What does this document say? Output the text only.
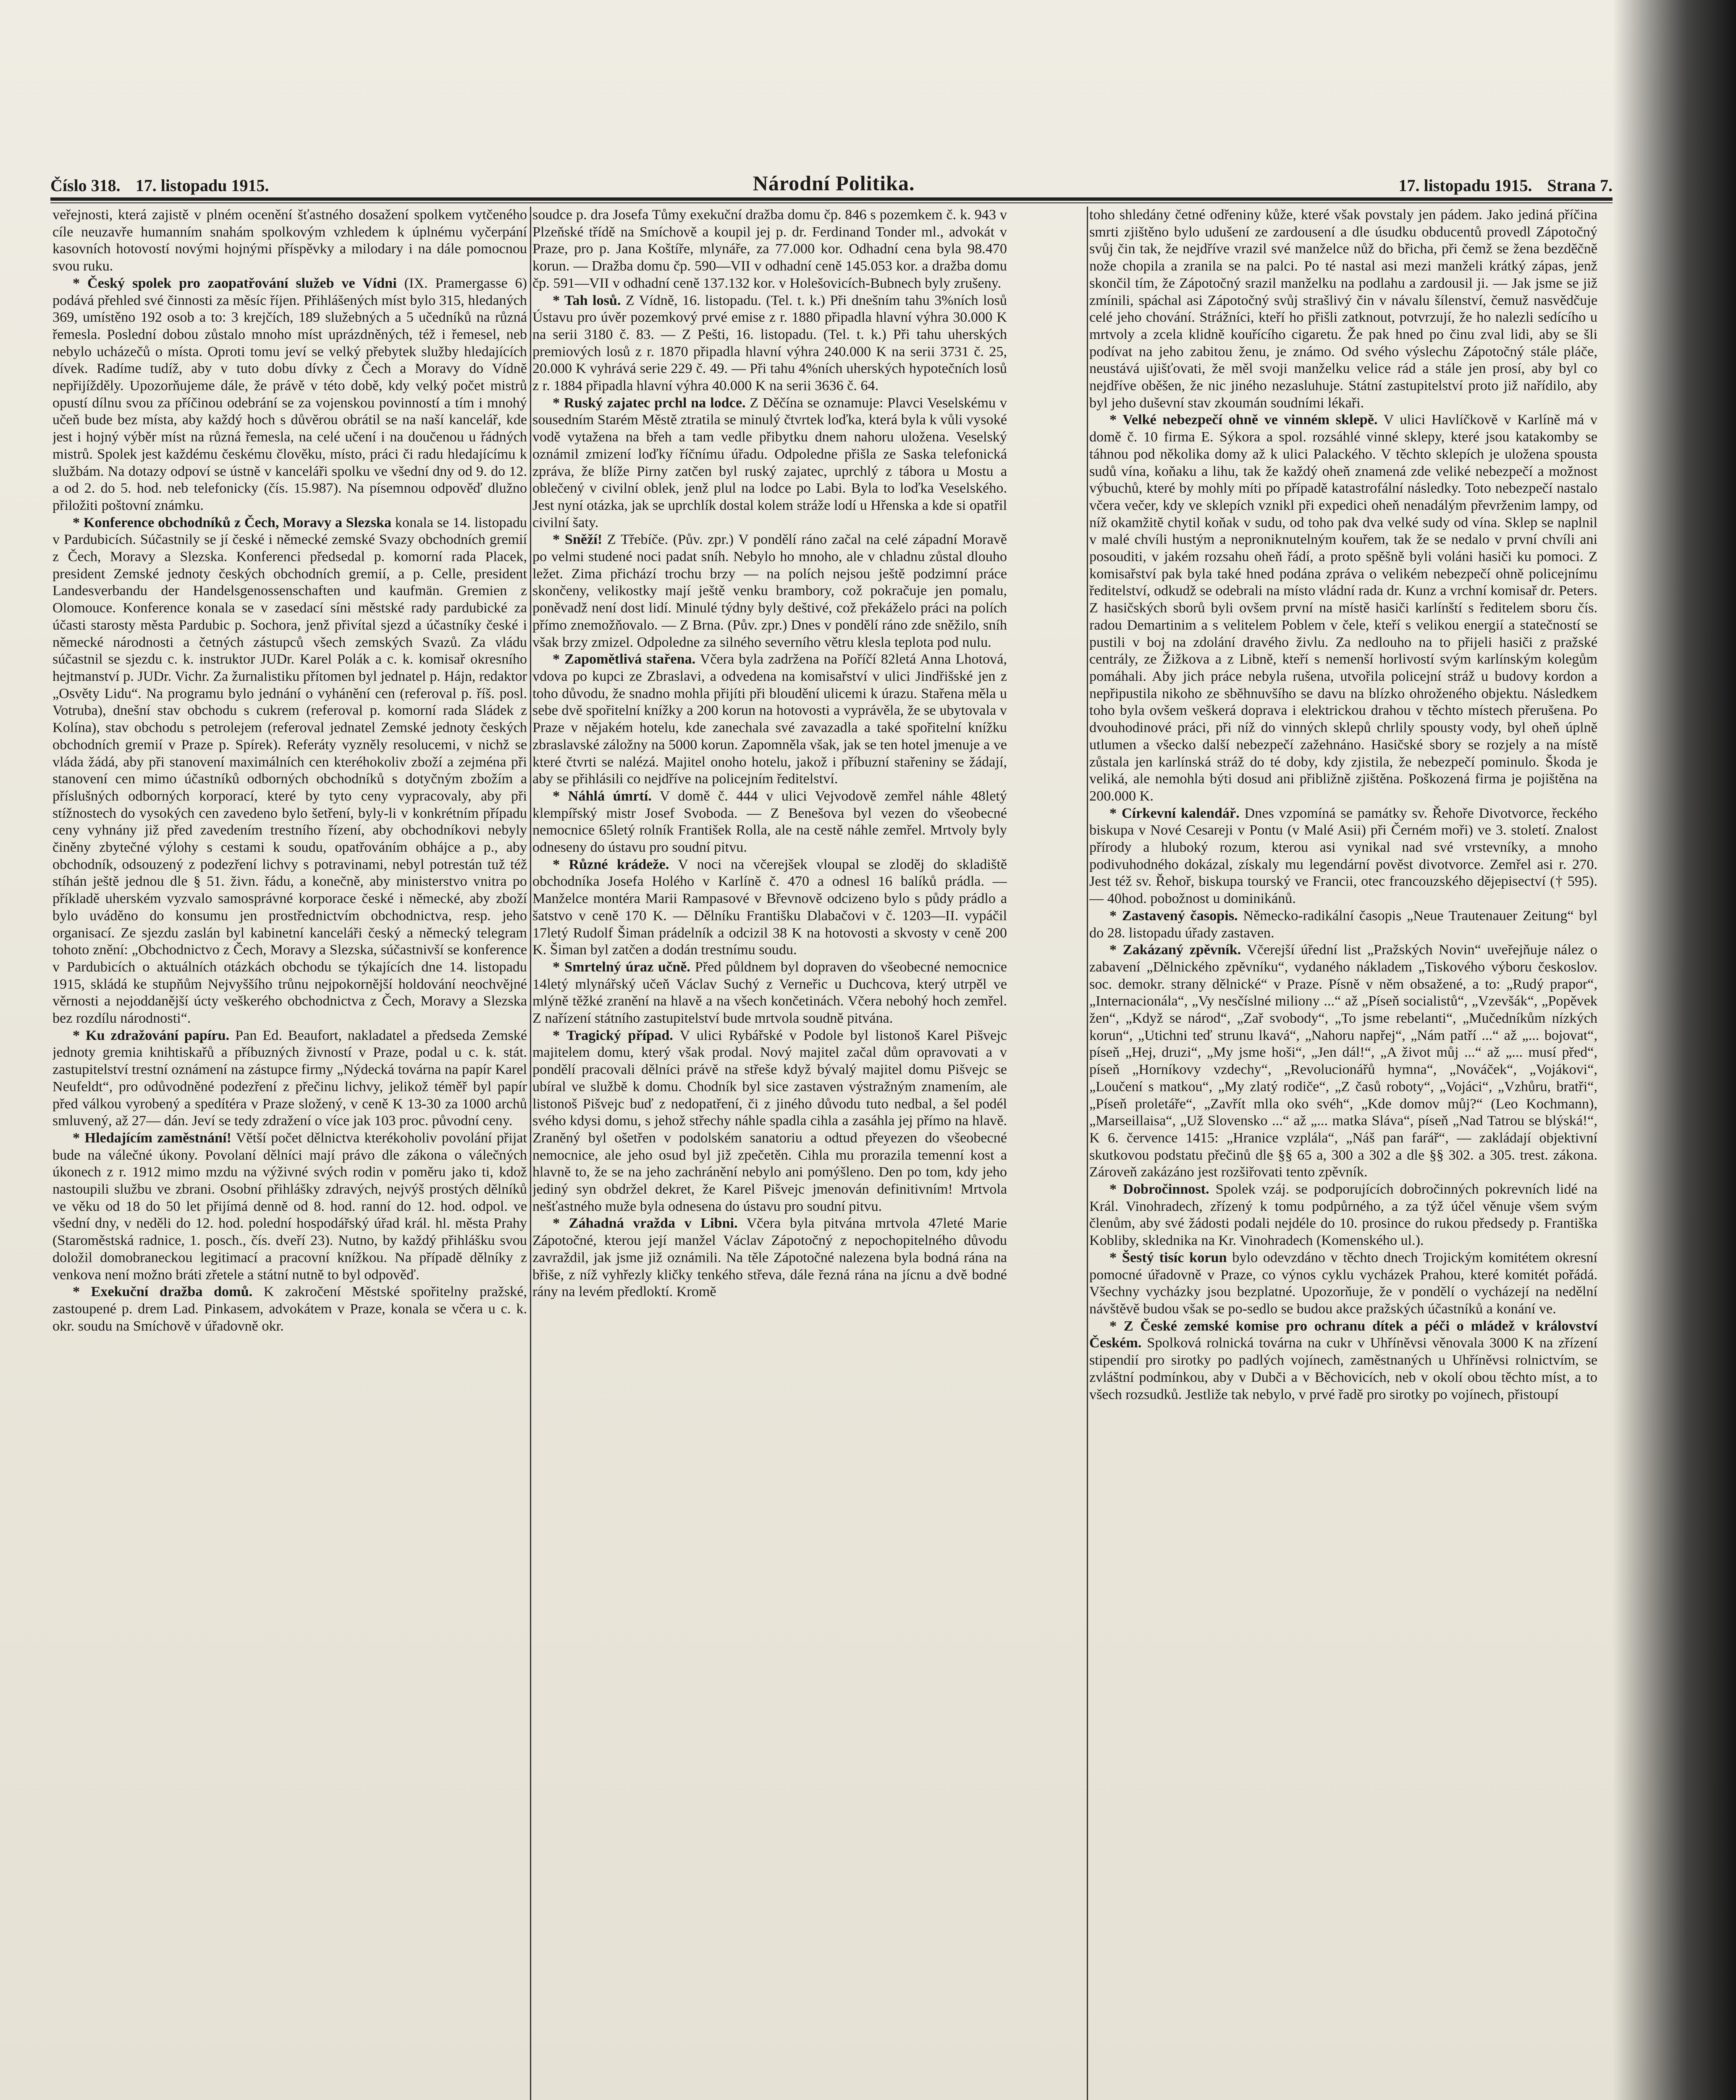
Číslo 318. 17. listopadu 1915.	Národní Politika.	17. listopadu 1915. Strana 7.

veřejnosti, která zajistě v plném ocenění šťastného dosažení spolkem vytčeného cíle neuzavře humanním snahám spolkovým vzhledem k úplnému vyčerpání kasovních hotovostí novými hojnými příspěvky a milodary i na dále pomocnou svou ruku.

* Český spolek pro zaopatřování služeb ve Vídni (IX. Pramergasse 6) podává přehled své činnosti za měsíc říjen. Přihlášených míst bylo 315, hledaných 369, umístěno 192 osob a to: 3 krejčích, 189 služebných a 5 učedníků na různá řemesla. Poslední dobou zůstalo mnoho míst uprázdněných, též i řemesel, neb nebylo ucházečů o místa. Oproti tomu jeví se velký přebytek služby hledajících dívek. Radíme tudíž, aby v tuto dobu dívky z Čech a Moravy do Vídně nepřijížděly. Upozorňujeme dále, že právě v této době, kdy velký počet mistrů opustí dílnu svou za příčinou odebrání se za vojenskou povinností a tím i mnohý učeň bude bez místa, aby každý hoch s důvěrou obrátil se na naší kancelář, kde jest i hojný výběr míst na různá řemesla, na celé učení i na doučenou u řádných mistrů. Spolek jest každému českému člověku, místo, práci či radu hledajícímu k službám. Na dotazy odpoví se ústně v kanceláři spolku ve všední dny od 9. do 12. a od 2. do 5. hod. neb telefonicky (čís. 15.987). Na písemnou odpověď dlužno přiložiti poštovní známku.

* Konference obchodníků z Čech, Moravy a Slezska konala se 14. listopadu v Pardubicích. Súčastnily se jí české i německé zemské Svazy obchodních gremií z Čech, Moravy a Slezska. Konferenci předsedal p. komorní rada Placek, president Zemské jednoty českých obchodních gremií, a p. Celle, president Landesverbandu der Handelsgenossenschaften und kaufmän. Gremien z Olomouce. Konference konala se v zasedací síni městské rady pardubické za účasti starosty města Pardubic p. Sochora, jenž přivítal sjezd a účastníky české i německé národnosti a četných zástupců všech zemských Svazů. Za vládu súčastnil se sjezdu c. k. instruktor JUDr. Karel Polák a c. k. komisař okresního hejtmanství p. JUDr. Vichr. Za žurnalistiku přítomen byl jednatel p. Hájn, redaktor „Osvěty Lidu“. Na programu bylo jednání o vyhánění cen (referoval p. říš. posl. Votruba), dnešní stav obchodu s cukrem (referoval p. komorní rada Sládek z Kolína), stav obchodu s petrolejem (referoval jednatel Zemské jednoty českých obchodních gremií v Praze p. Spírek). Referáty vyzněly resolucemi, v nichž se vláda žádá, aby při stanovení maximálních cen kteréhokoliv zboží a zejména při stanovení cen mimo účastníků odborných obchodníků s dotyčným zbožím a příslušných odborných korporací, které by tyto ceny vypracovaly, aby při stížnostech do vysokých cen zavedeno bylo šetření, byly-li v konkrétním případu ceny vyhnány již před zavedením trestního řízení, aby obchodníkovi nebyly činěny zbytečné výlohy s cestami k soudu, opatřováním obhájce a p., aby obchodník, odsouzený z podezření lichvy s potravinami, nebyl potrestán tuž též stíhán ještě jednou dle § 51. živn. řádu, a konečně, aby ministerstvo vnitra po příkladě uherském vyzvalo samosprávné korporace české i německé, aby zboží bylo uváděno do konsumu jen prostřednictvím obchodnictva, resp. jeho organisací. Ze sjezdu zaslán byl kabinetní kanceláři český a německý telegram tohoto znění: „Obchodnictvo z Čech, Moravy a Slezska, súčastnivší se konference v Pardubicích o aktuálních otázkách obchodu se týkajících dne 14. listopadu 1915, skládá ke stupňům Nejvyššího trůnu nejpokornější holdování neochvějné věrnosti a nejoddanější úcty veškerého obchodnictva z Čech, Moravy a Slezska bez rozdílu národnosti“.

* Ku zdražování papíru. Pan Ed. Beaufort, nakladatel a předseda Zemské jednoty gremia knihtiskařů a příbuzných živností v Praze, podal u c. k. stát. zastupitelství trestní oznámení na zástupce firmy „Nýdecká továrna na papír Karel Neufeldt“, pro odůvodněné podezření z přečinu lichvy, jelikož téměř byl papír před válkou vyrobený a spedítéra v Praze složený, v ceně K 13-30 za 1000 archů smluvený, až 27— dán. Jeví se tedy zdražení o více jak 103 proc. původní ceny.

* Hledajícím zaměstnání! Větší počet dělnictva kterékoholiv povolání přijat bude na válečné úkony. Povolaní dělníci mají právo dle zákona o válečných úkonech z r. 1912 mimo mzdu na výživné svých rodin v poměru jako ti, kdož nastoupili službu ve zbrani. Osobní přihlášky zdravých, nejvýš prostých dělníků ve věku od 18 do 50 let přijímá denně od 8. hod. ranní do 12. hod. odpol. ve všední dny, v neděli do 12. hod. polední hospodářský úřad král. hl. města Prahy (Staroměstská radnice, 1. posch., čís. dveří 23). Nutno, by každý přihlášku svou doložil domobraneckou legitimací a pracovní knížkou. Na případě dělníky z venkova není možno bráti zřetele a státní nutně to byl odpověď.

* Exekuční dražba domů. K zakročení Městské spořitelny pražské, zastoupené p. drem Lad. Pinkasem, advokátem v Praze, konala se včera u c. k. okr. soudu na Smíchově v úřadovně okr.

soudce p. dra Josefa Tůmy exekuční dražba domu čp. 846 s pozemkem č. k. 943 v Plzeňské třídě na Smíchově a koupil jej p. dr. Ferdinand Tonder ml., advokát v Praze, pro p. Jana Koštíře, mlynáře, za 77.000 kor. Odhadní cena byla 98.470 korun. — Dražba domu čp. 590—VII v odhadní ceně 145.053 kor. a dražba domu čp. 591—VII v odhadní ceně 137.132 kor. v Holešovicích-Bubnech byly zrušeny.

* Tah losů. Z Vídně, 16. listopadu. (Tel. t. k.) Při dnešním tahu 3%ních losů Ústavu pro úvěr pozemkový prvé emise z r. 1880 připadla hlavní výhra 30.000 K na serii 3180 č. 83. — Z Pešti, 16. listopadu. (Tel. t. k.) Při tahu uherských premiových losů z r. 1870 připadla hlavní výhra 240.000 K na serii 3731 č. 25, 20.000 K vyhrává serie 229 č. 49. — Při tahu 4%ních uherských hypotečních losů z r. 1884 připadla hlavní výhra 40.000 K na serii 3636 č. 64.

* Ruský zajatec prchl na lodce. Z Děčína se oznamuje: Plavci Veselskému v sousedním Starém Městě ztratila se minulý čtvrtek loďka, která byla k vůli vysoké vodě vytažena na břeh a tam vedle přibytku dnem nahoru uložena. Veselský oznámil zmizení loďky říčnímu úřadu. Odpoledne přišla ze Saska telefonická zpráva, že blíže Pirny zatčen byl ruský zajatec, uprchlý z tábora u Mostu a oblečený v civilní oblek, jenž plul na lodce po Labi. Byla to loďka Veselského. Jest nyní otázka, jak se uprchlík dostal kolem stráže lodí u Hřenska a kde si opatřil civilní šaty.

* Sněží! Z Třebíče. (Pův. zpr.) V pondělí ráno začal na celé západní Moravě po velmi studené noci padat sníh. Nebylo ho mnoho, ale v chladnu zůstal dlouho ležet. Zima přichází trochu brzy — na polích nejsou ještě podzimní práce skončeny, velikostky mají ještě venku brambory, což pokračuje jen pomalu, poněvadž není dost lidí. Minulé týdny byly deštivé, což překáželo práci na polích přímo znemožňovalo. — Z Brna. (Pův. zpr.) Dnes v pondělí ráno zde sněžilo, sníh však brzy zmizel. Odpoledne za silného severního větru klesla teplota pod nulu.

* Zapomětlivá stařena. Včera byla zadržena na Poříčí 82letá Anna Lhotová, vdova po kupci ze Zbraslavi, a odvedena na komisařství v ulici Jindřišské jen z toho důvodu, že snadno mohla přijíti při bloudění ulicemi k úrazu. Stařena měla u sebe dvě spořitelní knížky a 200 korun na hotovosti a vyprávěla, že se ubytovala v Praze v nějakém hotelu, kde zanechala své zavazadla a také spořitelní knížku zbraslavské záložny na 5000 korun. Zapomněla však, jak se ten hotel jmenuje a ve které čtvrti se nalézá. Majitel onoho hotelu, jakož i příbuzní stařeniny se žádají, aby se přihlásili co nejdříve na policejním ředitelství.

* Náhlá úmrtí. V domě č. 444 v ulici Vejvodově zemřel náhle 48letý klempířský mistr Josef Svoboda. — Z Benešova byl vezen do všeobecné nemocnice 65letý rolník František Rolla, ale na cestě náhle zemřel. Mrtvoly byly odneseny do ústavu pro soudní pitvu.

* Různé krádeže. V noci na včerejšek vloupal se zloděj do skladiště obchodníka Josefa Holého v Karlíně č. 470 a odnesl 16 balíků prádla. — Manželce montéra Marii Rampasové v Břevnově odcizeno bylo s půdy prádlo a šatstvo v ceně 170 K. — Dělníku Františku Dlabačovi v č. 1203—II. vypáčil 17letý Rudolf Šiman prádelník a odcizil 38 K na hotovosti a skvosty v ceně 200 K. Šiman byl zatčen a dodán trestnímu soudu.

* Smrtelný úraz učně. Před půldnem byl dopraven do všeobecné nemocnice 14letý mlynářský učeň Václav Suchý z Verneřic u Duchcova, který utrpěl ve mlýně těžké zranění na hlavě a na všech končetinách. Včera nebohý hoch zemřel. Z nařízení státního zastupitelství bude mrtvola soudně pitvána.

* Tragický případ. V ulici Rybářské v Podole byl listonoš Karel Pišvejc majitelem domu, který však prodal. Nový majitel začal dům opravovati a v pondělí pracovali dělníci právě na střeše když bývalý majitel domu Pišvejc se ubíral ve službě k domu. Chodník byl sice zastaven výstražným znamením, ale listonoš Pišvejc buď z nedopatření, či z jiného důvodu tuto nedbal, a šel podél svého kdysi domu, s jehož střechy náhle spadla cihla a zasáhla jej přímo na hlavě. Zraněný byl ošetřen v podolském sanatoriu a odtud přeyezen do všeobecné nemocnice, ale jeho osud byl již zpečetěn. Cihla mu prorazila temenní kost a hlavně to, že se na jeho zachránění nebylo ani pomýšleno. Den po tom, kdy jeho jediný syn obdržel dekret, že Karel Pišvejc jmenován definitivním! Mrtvola nešťastného muže byla odnesena do ústavu pro soudní pitvu.

* Záhadná vražda v Libni. Včera byla pitvána mrtvola 47leté Marie Zápotočné, kterou její manžel Václav Zápotočný z nepochopitelného důvodu zavraždil, jak jsme již oznámili. Na těle Zápotočné nalezena byla bodná rána na břiše, z níž vyhřezly kličky tenkého střeva, dále řezná rána na jícnu a dvě bodné rány na levém předloktí. Kromě

toho shledány četné odřeniny kůže, které však povstaly jen pádem. Jako jediná příčina smrti zjištěno bylo udušení ze zardousení a dle úsudku obducentů provedl Zápotočný svůj čin tak, že nejdříve vrazil své manželce nůž do břicha, při čemž se žena bezděčně nože chopila a zranila se na palci. Po té nastal asi mezi manželi krátký zápas, jenž skončil tím, že Zápotočný srazil manželku na podlahu a zardousil ji. — Jak jsme se již zmínili, spáchal asi Zápotočný svůj strašlivý čin v návalu šílenství, čemuž nasvědčuje celé jeho chování. Strážníci, kteří ho přišli zatknout, potvrzují, že ho nalezli sedícího u mrtvoly a zcela klidně kouřícího cigaretu. Že pak hned po činu zval lidi, aby se šli podívat na jeho zabitou ženu, je známo. Od svého výslechu Zápotočný stále pláče, neustává ujišťovati, že měl svoji manželku velice rád a stále jen prosí, aby byl co nejdříve oběšen, že nic jiného nezasluhuje. Státní zastupitelství proto již nařídilo, aby byl jeho duševní stav zkoumán soudními lékaři.

* Velké nebezpečí ohně ve vinném sklepě. V ulici Havlíčkově v Karlíně má v domě č. 10 firma E. Sýkora a spol. rozsáhlé vinné sklepy, které jsou katakomby se táhnou pod několika domy až k ulici Palackého. V těchto sklepích je uložena spousta sudů vína, koňaku a lihu, tak že každý oheň znamená zde veliké nebezpečí a možnost výbuchů, které by mohly míti po případě katastrofální následky. Toto nebezpečí nastalo včera večer, kdy ve sklepích vznikl při expedici oheň nenadálým převrženim lampy, od níž okamžitě chytil koňak v sudu, od toho pak dva velké sudy od vína. Sklep se naplnil v malé chvíli hustým a neproniknutelným kouřem, tak že se nedalo v první chvíli ani posouditi, v jakém rozsahu oheň řádí, a proto spěšně byli voláni hasiči ku pomoci. Z komisařství pak byla také hned podána zpráva o velikém nebezpečí ohně policejnímu ředitelství, odkudž se odebrali na místo vládní rada dr. Kunz a vrchní komisař dr. Peters. Z hasičských sborů byli ovšem první na místě hasiči karlínští s ředitelem sboru čís. radou Demartinim a s velitelem Poblem v čele, kteří s velikou energií a statečností se pustili v boj na zdolání dravého živlu. Za nedlouho na to přijeli hasiči z pražské centrály, ze Žižkova a z Libně, kteří s nemenší horlivostí svým karlínským kolegům pomáhali. Aby jich práce nebyla rušena, utvořila policejní stráž u budovy kordon a nepřipustila nikoho ze sběhnuvšího se davu na blízko ohroženého objektu. Následkem toho byla ovšem veškerá doprava i elektrickou drahou v těchto místech přerušena. Po dvouhodinové práci, při níž do vinných sklepů chrlily spousty vody, byl oheň úplně utlumen a všecko další nebezpečí zažehnáno. Hasičské sbory se rozjely a na místě zůstala jen karlínská stráž do té doby, kdy zjistila, že nebezpečí pominulo. Škoda je veliká, ale nemohla býti dosud ani přibližně zjištěna. Poškozená firma je pojištěna na 200.000 K.

* Církevní kalendář. Dnes vzpomíná se památky sv. Řehoře Divotvorce, řeckého biskupa v Nové Cesareji v Pontu (v Malé Asii) při Černém moři) ve 3. století. Znalost přírody a hluboký rozum, kterou asi vynikal nad své vrstevníky, a mnoho podivuhodného dokázal, získaly mu legendární pověst divotvorce. Zemřel asi r. 270. Jest též sv. Řehoř, biskupa tourský ve Francii, otec francouzského dějepisectví († 595). — 40hod. pobožnost u dominikánů.

* Zastavený časopis. Německo-radikální časopis „Neue Trautenauer Zeitung“ byl do 28. listopadu úřady zastaven.

* Zakázaný zpěvník. Včerejší úřední list „Pražských Novin“ uveřejňuje nález o zabavení „Dělnického zpěvníku“, vydaného nákladem „Tiskového výboru českoslov. soc. demokr. strany dělnické“ v Praze. Písně v něm obsažené, a to: „Rudý prapor“, „Internacionála“, „Vy nesčíslné miliony ...“ až „Píseň socialistů“, „Vzevšák“, „Popěvek žen“, „Když se národ“, „Zař svobody“, „To jsme rebelanti“, „Mučedníkům nízkých korun“, „Utichni teď strunu lkavá“, „Nahoru napřej“, „Nám patří ...“ až „... bojovat“, píseň „Hej, druzi“, „My jsme hoši“, „Jen dál!“, „A život můj ...“ až „... musí před“, píseň „Horníkovy vzdechy“, „Revolucionářů hymna“, „Nováček“, „Vojákovi“, „Loučení s matkou“, „My zlatý rodiče“, „Z časů roboty“, „Vojáci“, „Vzhůru, bratři“, „Píseň proletáře“, „Zavřít mlla oko svéh“, „Kde domov můj?“ (Leo Kochmann), „Marseillaisa“, „Už Slovensko ...“ až „... matka Sláva“, píseň „Nad Tatrou se blýská!“, K 6. července 1415: „Hranice vzplála“, „Náš pan farář“, — zakládají objektivní skutkovou podstatu přečinů dle §§ 65 a, 300 a 302 a dle §§ 302. a 305. trest. zákona. Zároveň zakázáno jest rozšiřovati tento zpěvník.

* Dobročinnost. Spolek vzáj. se podporujících dobročinných pokrevních lidé na Král. Vinohradech, zřízený k tomu podpůrného, a za týž účel věnuje všem svým členům, aby své žádosti podali nejdéle do 10. prosince do rukou předsedy p. Františka Kobliby, sklednika na Kr. Vinohradech (Komenského ul.).

* Šestý tisíc korun bylo odevzdáno v těchto dnech Trojickým komitétem okresní pomocné úřadovně v Praze, co výnos cyklu vycházek Prahou, které komitét pořádá. Všechny vycházky jsou bezplatné. Upozorňuje, že v pondělí o vycházejí na nedělní návštěvě budou však se po-sedlo se budou akce pražských účastníků a konání ve.

* Z České zemské komise pro ochranu dítek a péči o mládež v království Českém. Spolková rolnická továrna na cukr v Uhříněvsi věnovala 3000 K na zřízení stipendií pro sirotky po padlých vojínech, zaměstnaných u Uhříněvsi rolnictvím, se zvláštní podmínkou, aby v Dubči a v Běchovicích, neb v okolí obou těchto míst, a to všech rozsudků. Jestliže tak nebylo, v prvé řadě pro sirotky po vojínech, přistoupí
